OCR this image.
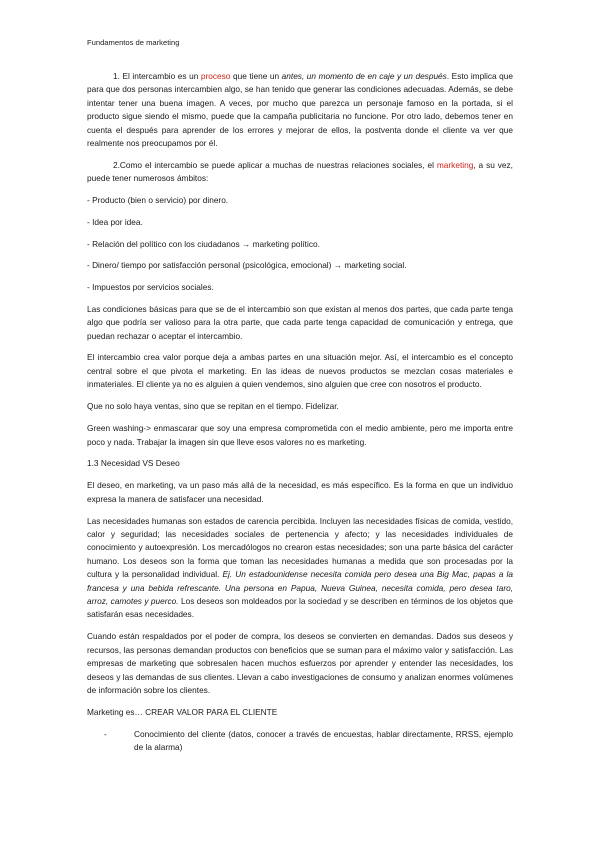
Fundamentos de marketing

1. El intercambio es un proceso que tiene un antes, un momento de en caje y un después. Esto implica que para que dos personas intercambien algo, se han tenido que generar las condiciones adecuadas. Además, se debe intentar tener una buena imagen. A veces, por mucho que parezca un personaje famoso en la portada, si el producto sigue siendo el mismo, puede que la campaña publicitaria no funcione. Por otro lado, debemos tener en cuenta el después para aprender de los errores y mejorar de ellos, la postventa donde el cliente va ver que realmente nos preocupamos por él.

2.Como el intercambio se puede aplicar a muchas de nuestras relaciones sociales, el marketing, a su vez, puede tener numerosos ámbitos:

- Producto (bien o servicio) por dinero.

- Idea por idea.

- Relación del político con los ciudadanos → marketing político.

- Dinero/ tiempo por satisfacción personal (psicológica, emocional) → marketing social.

- Impuestos por servicios sociales.

Las condiciones básicas para que se de el intercambio son que existan al menos dos partes, que cada parte tenga algo que podría ser valioso para la otra parte, que cada parte tenga capacidad de comunicación y entrega, que puedan rechazar o aceptar el intercambio.

El intercambio crea valor porque deja a ambas partes en una situación mejor. Así, el intercambio es el concepto central sobre el que pivota el marketing. En las ideas de nuevos productos se mezclan cosas materiales e inmateriales. El cliente ya no es alguien a quien vendemos, sino alguien que cree con nosotros el producto.

Que no solo haya ventas, sino que se repitan en el tiempo. Fidelizar.

Green washing-> enmascarar que soy una empresa comprometida con el medio ambiente, pero me importa entre poco y nada. Trabajar la imagen sin que lleve esos valores no es marketing.

1.3 Necesidad VS Deseo

El deseo, en marketing, va un paso más allá de la necesidad, es más específico. Es la forma en que un individuo expresa la manera de satisfacer una necesidad.

Las necesidades humanas son estados de carencia percibida. Incluyen las necesidades físicas de comida, vestido, calor y seguridad; las necesidades sociales de pertenencia y afecto; y las necesidades individuales de conocimiento y autoexpresión. Los mercadólogos no crearon estas necesidades; son una parte básica del carácter humano. Los deseos son la forma que toman las necesidades humanas a medida que son procesadas por la cultura y la personalidad individual. Ej. Un estadounidense necesita comida pero desea una Big Mac, papas a la francesa y una bebida refrescante. Una persona en Papua, Nueva Guinea, necesita comida, pero desea taro, arroz, camotes y puerco. Los deseos son moldeados por la sociedad y se describen en términos de los objetos que satisfarán esas necesidades.

Cuando están respaldados por el poder de compra, los deseos se convierten en demandas. Dados sus deseos y recursos, las personas demandan productos con beneficios que se suman para el máximo valor y satisfacción. Las empresas de marketing que sobresalen hacen muchos esfuerzos por aprender y entender las necesidades, los deseos y las demandas de sus clientes. Llevan a cabo investigaciones de consumo y analizan enormes volúmenes de información sobre los clientes.

Marketing es… CREAR VALOR PARA EL CLIENTE

-	Conocimiento del cliente (datos, conocer a través de encuestas, hablar directamente, RRSS, ejemplo de la alarma)
